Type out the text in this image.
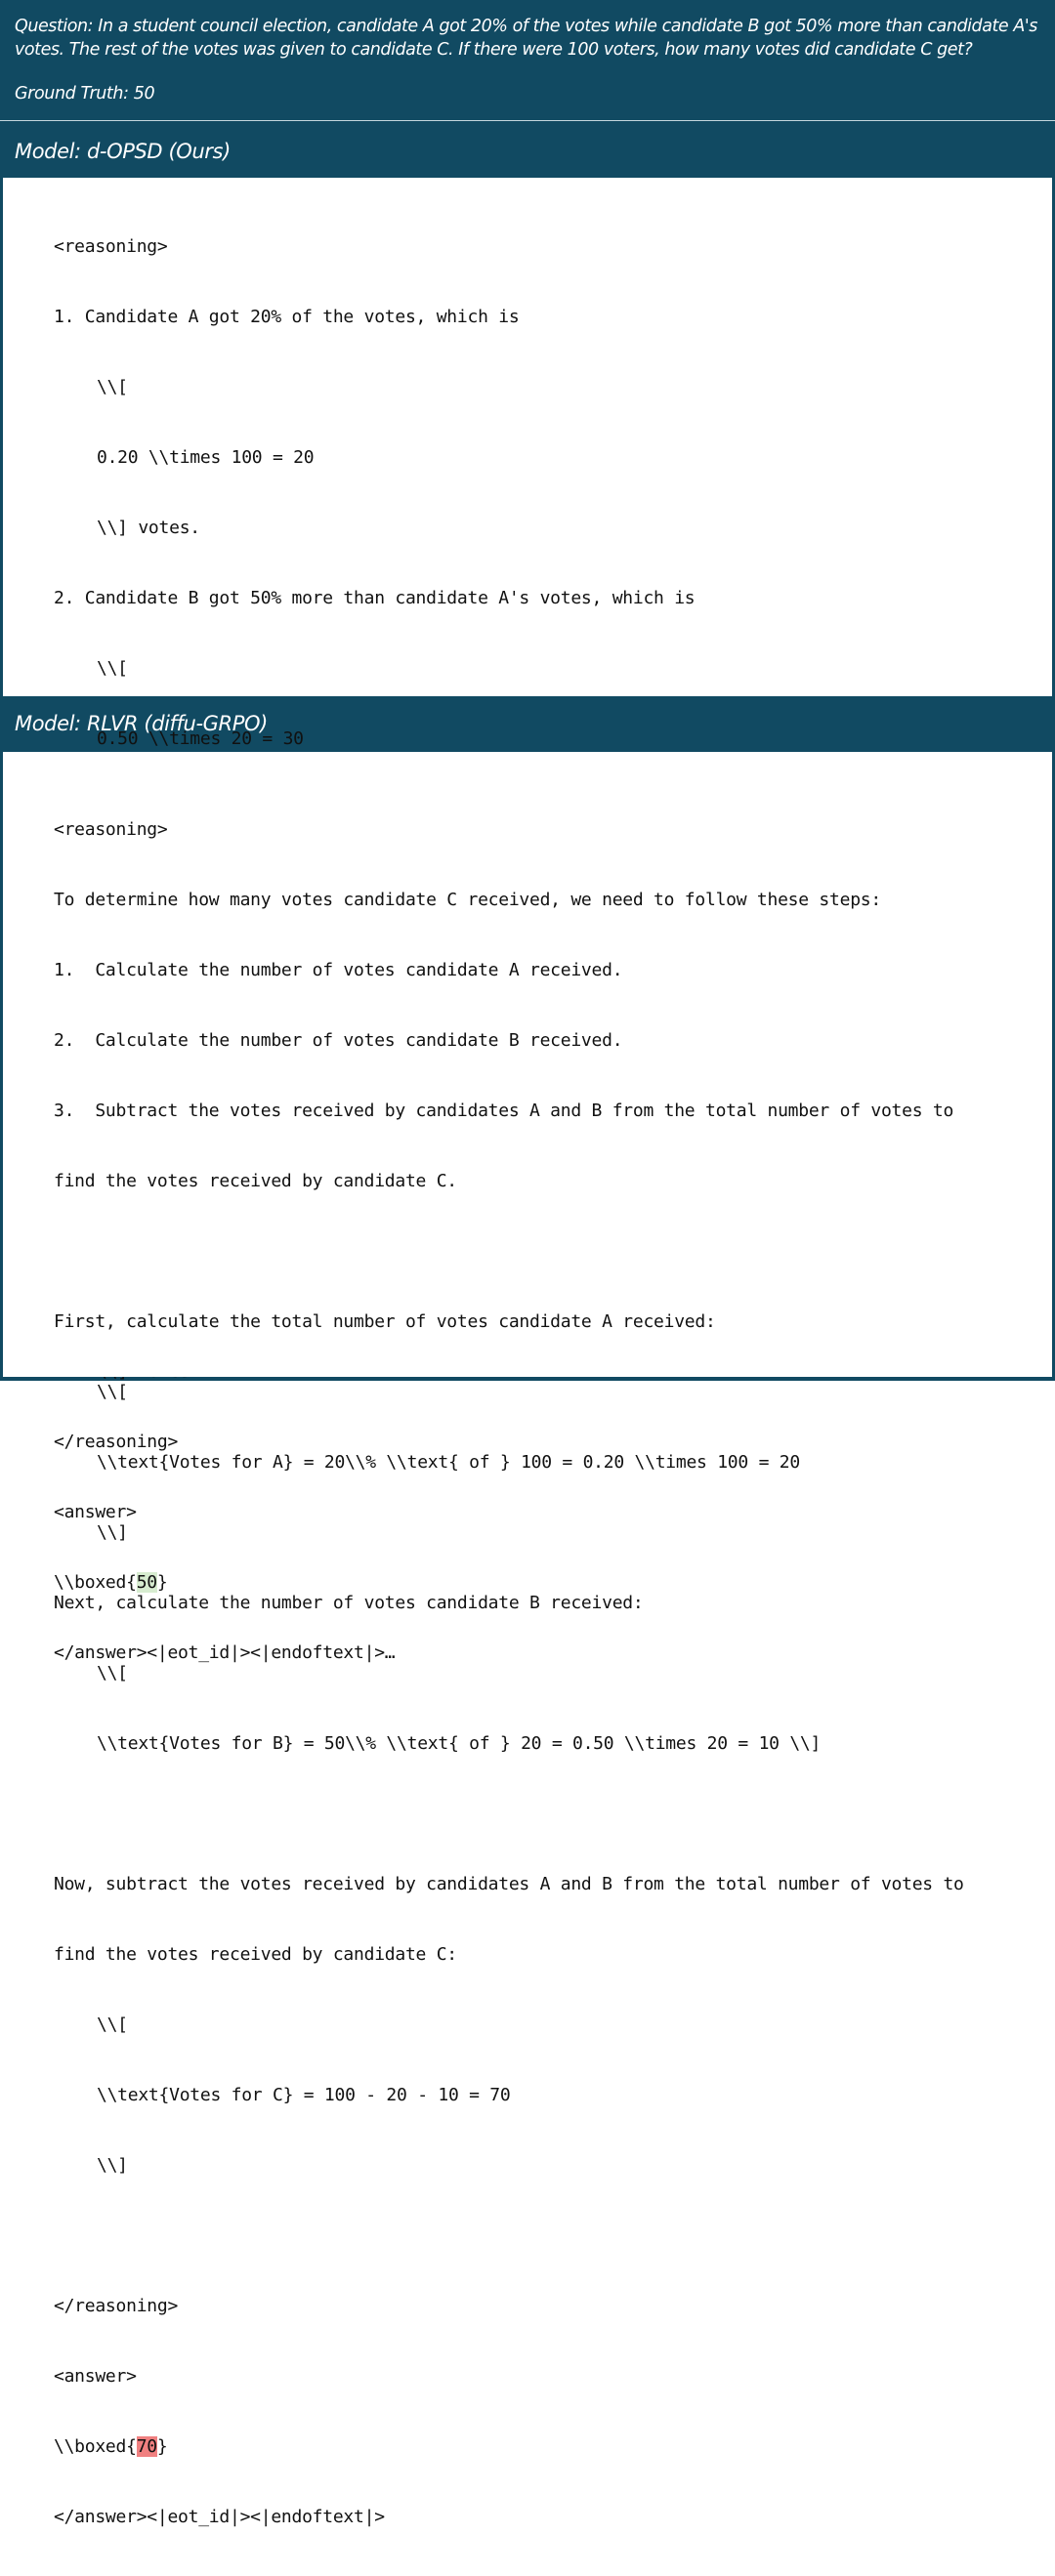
Question: In a student council election, candidate A got 20% of the votes while candidate B got 50% more than candidate A's votes. The rest of the votes was given to candidate C. If there were 100 voters, how many votes did candidate C get?
Ground Truth: 50
Model: d-OPSD (Ours)

<reasoning>

1. Candidate A got 20% of the votes, which is

\\[

0.20 \\times 100 = 20

\\] votes.

2. Candidate B got 50% more than candidate A's votes, which is

\\[

0.50 \\times 20 = 30

</reasoning>

<answer>

\\boxed{50}

</answer><|eot_id|><|endoftext|>…

Model: RLVR (diffu-GRPO)

<reasoning>

To determine how many votes candidate C received, we need to follow these steps:

1.  Calculate the number of votes candidate A received.

2.  Calculate the number of votes candidate B received.

3.  Subtract the votes received by candidates A and B from the total number of votes to

find the votes received by candidate C.

First, calculate the total number of votes candidate A received:

\\[

\\text{Votes for A} = 20\\% \\text{ of } 100 = 0.20 \\times 100 = 20

\\]

Next, calculate the number of votes candidate B received:

\\[

\\text{Votes for B} = 50\\% \\text{ of } 20 = 0.50 \\times 20 = 10 \\]

Now, subtract the votes received by candidates A and B from the total number of votes to

find the votes received by candidate C:

\\[

\\text{Votes for C} = 100 - 20 - 10 = 70

\\]

</reasoning>

<answer>

\\boxed{70}

</answer><|eot_id|><|endoftext|>
